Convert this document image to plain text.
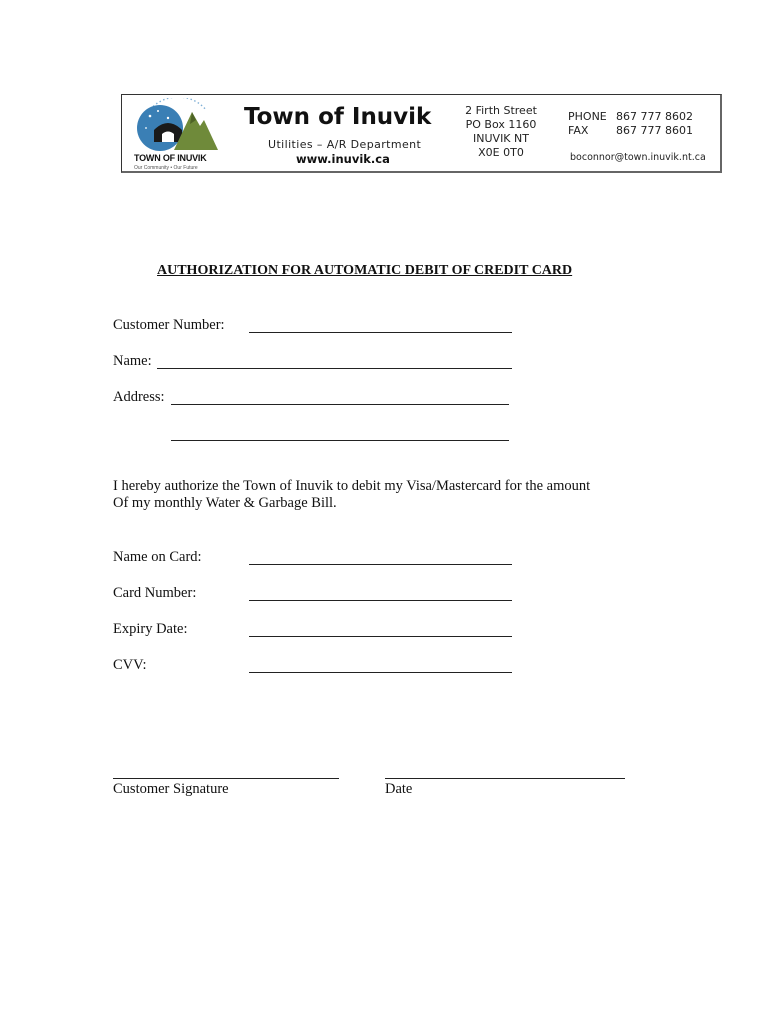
TOWN OF INUVIK
Our Community • Our Future
Town of Inuvik
Utilities – A/R Department
www.inuvik.ca
2 Firth Street
PO Box 1160
INUVIK NT
X0E 0T0
PHONE 867 777 8602
FAX	867 777 8601
boconnor@town.inuvik.nt.ca
AUTHORIZATION FOR AUTOMATIC DEBIT OF CREDIT CARD
Customer Number:
Name:
Address:
I hereby authorize the Town of Inuvik to debit my Visa/Mastercard for the amount
Of my monthly Water & Garbage Bill.
Name on Card:
Card Number:
Expiry Date:
CVV:
Customer Signature	Date
